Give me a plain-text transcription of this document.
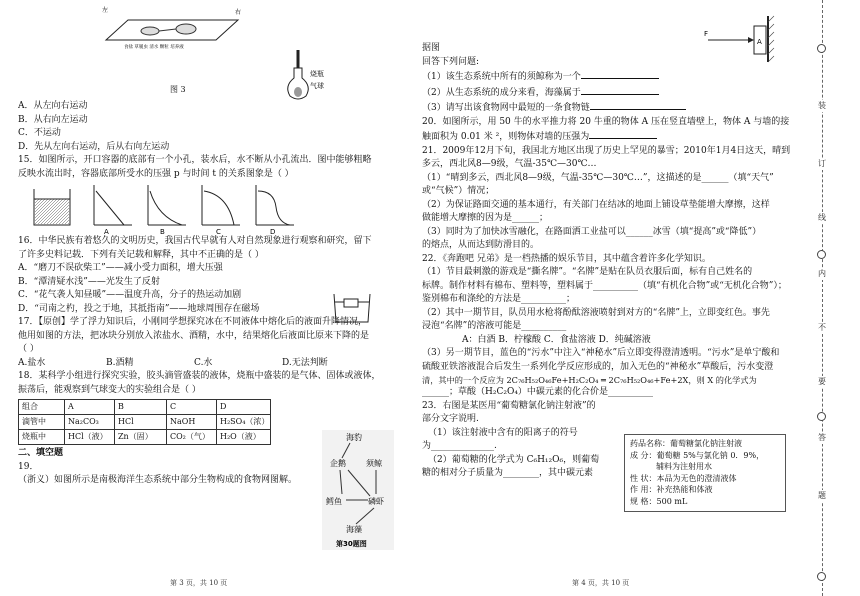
左	右
食盐 草履虫 清水 颗粒 培养液
图 3
烧瓶
气球
A．从左向右运动
B．从右向左运动
C．不运动
D．先从左向右运动，后从右向左运动
15．如图所示，开口容器的底部有一个小孔，装水后，水不断从小孔流出．图中能够粗略
反映水流出时，容器底部所受水的压强 p 与时间 t 的关系图象是（ ）
A	B	C	D
16．中华民族有着悠久的文明历史，我国古代早就有人对自然现象进行观察和研究，留下
了许多史料记载．下列有关记载和解释，其中不正确的是（ ）
A．“磨刀不误砍柴工”——减小受力面积，增大压强
B．“潭清疑水浅”——光发生了反射
C．“花气袭人知昼暖”——温度升高，分子的热运动加剧
D．“司南之杓，投之于地，其抵指南”——地球周围存在磁场
17．【原创】学了浮力知识后，小刚同学想探究冰在不同液体中熔化后的液面升降情况，
他用如图的方法，把冰块分别放入浓盐水、酒精，水中，结果熔化后液面比原来下降的是
（ ）
A.盐水	B.酒精	C.水	D.无法判断
18．某科学小组进行探究实验，胶头滴管盛装的液体，烧瓶中盛装的是气体、固体或液体，
振荡后，能观察到气球变大的实验组合是（ ）
组合	A	B	C	D
滴管中	Na₂CO₃	HCl	NaOH	H₂SO₄（浓）
烧瓶中	HCl（液）	Zn（固）	CO₂（气）	H₂O（液）
二、填空题
19．
（浙义）如图所示是南极海洋生态系统中部分生物构成的食物网图解。
海豹
企鹅	须鲸
鳕鱼	磷虾
海藻
第30题图
第 3 页，共 10 页
据图
回答下列问题:
（1）该生态系统中所有的须鲸称为一个
（2）从生态系统的成分来看，海藻属于
（3）请写出该食物网中最短的一条食物链
20．如图所示，用 50 牛的水平推力将 20 牛重的物体 A 压在竖直墙壁上，物体 A 与墙的接
触面积为 0.01 米 ²，则物体对墙的压强为
21．2009年12月下旬，我国北方地区出现了历史上罕见的暴雪；2010年1月4日这天，晴到
多云，西北风8—9级，气温-35℃—30℃…
（1）“晴到多云，西北风8—9级，气温-35℃—30℃…”，这描述的是______（填“天气”
或“气候”）情况；
（2）为保证路面交通的基本通行，有关部门在结冰的地面上铺设草垫能增大摩擦，这样
做能增大摩擦的因为是______；
（3）同时为了加快冰雪融化，在路面洒工业盐可以______冰雪（填“提高”或“降低”）
的熔点，从而达到防滑目的。
22．《奔跑吧 兄弟》是一档热播的娱乐节目，其中蕴含着许多化学知识。
（1）节目最刺激的游戏是“撕名牌”。“名牌”是贴在队员衣服后面，标有自己姓名的
标牌。制作材料有棉布、塑料等，塑料属于__________（填“有机化合物”或“无机化合物”）；
鉴别棉布和涤纶的方法是__________；
（2）其中一期节目，队员用水枪将酚酞溶液喷射到对方的“名牌”上，立即变红色。事先
浸泡“名牌”的溶液可能是__________
A：白酒 B．柠檬酸 C．食盐溶液 D．纯碱溶液
（3）另一期节目，蓝色的“污水”中注入“神秘水”后立即变得澄清透明。“污水”是单宁酸和
硫酸亚铁溶液混合后发生一系列化学反应形成的，加入无色的“神秘水”草酸后，污水变澄
清，其中的一个反应为 2C₇₆H₅₂O₄₆Fe+H₂C₂O₄ ═ 2C₇₆H₅₂O₄₆+Fe+2X，则 X 的化学式为
______；草酸（H₂C₂O₄）中碳元素的化合价是__________
23．右图是某医用“葡萄糖氯化钠注射液”的
部分文字说明.
（1）该注射液中含有的阳离子的符号
为______________.
（2）葡萄糖的化学式为 C₆H₁₂O₆，则葡萄
糖的相对分子质量为________，其中碳元素
F
A
药品名称：葡萄糖氯化钠注射液
成 分：葡萄糖 5%与氯化钠 0．9%，
辅料为注射用水
性 状：本品为无色的澄清液体
作 用：补充热能和体液
规 格：500 mL
第 4 页，共 10 页
装
订
线
内
不
要
答
题
